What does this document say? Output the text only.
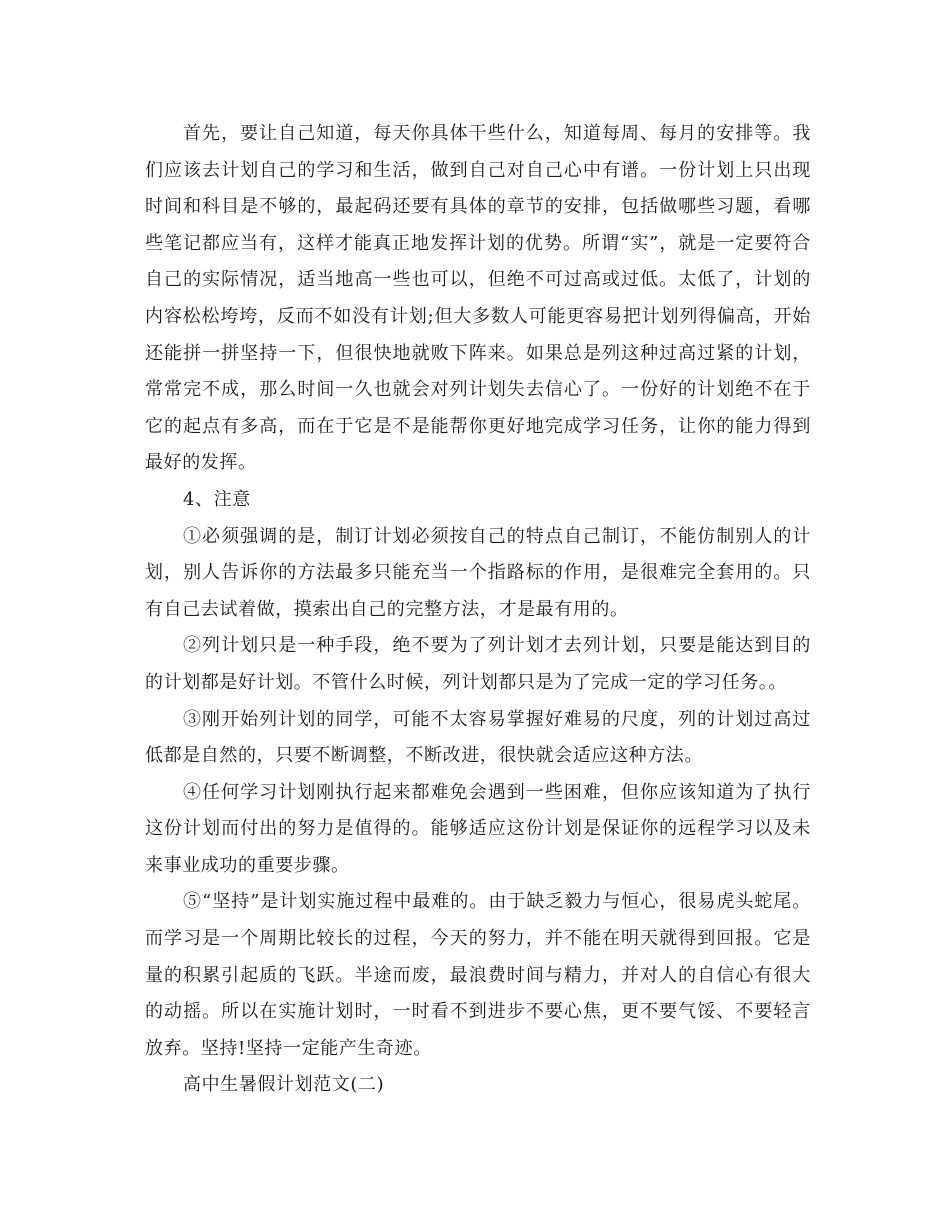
首先，要让自己知道，每天你具体干些什么，知道每周、每月的安排等。我们应该去计划自己的学习和生活，做到自己对自己心中有谱。一份计划上只出现时间和科目是不够的，最起码还要有具体的章节的安排，包括做哪些习题，看哪些笔记都应当有，这样才能真正地发挥计划的优势。所谓“实”，就是一定要符合自己的实际情况，适当地高一些也可以，但绝不可过高或过低。太低了，计划的内容松松垮垮，反而不如没有计划;但大多数人可能更容易把计划列得偏高，开始还能拼一拼坚持一下，但很快地就败下阵来。如果总是列这种过高过紧的计划，常常完不成，那么时间一久也就会对列计划失去信心了。一份好的计划绝不在于它的起点有多高，而在于它是不是能帮你更好地完成学习任务，让你的能力得到最好的发挥。

4、注意

①必须强调的是，制订计划必须按自己的特点自己制订，不能仿制别人的计划，别人告诉你的方法最多只能充当一个指路标的作用，是很难完全套用的。只有自己去试着做，摸索出自己的完整方法，才是最有用的。

②列计划只是一种手段，绝不要为了列计划才去列计划，只要是能达到目的的计划都是好计划。不管什么时候，列计划都只是为了完成一定的学习任务。。

③刚开始列计划的同学，可能不太容易掌握好难易的尺度，列的计划过高过低都是自然的，只要不断调整，不断改进，很快就会适应这种方法。

④任何学习计划刚执行起来都难免会遇到一些困难，但你应该知道为了执行这份计划而付出的努力是值得的。能够适应这份计划是保证你的远程学习以及未来事业成功的重要步骤。

⑤“坚持”是计划实施过程中最难的。由于缺乏毅力与恒心，很易虎头蛇尾。而学习是一个周期比较长的过程，今天的努力，并不能在明天就得到回报。它是量的积累引起质的飞跃。半途而废，最浪费时间与精力，并对人的自信心有很大的动摇。所以在实施计划时，一时看不到进步不要心焦，更不要气馁、不要轻言放弃。坚持!坚持一定能产生奇迹。

高中生暑假计划范文(二)
